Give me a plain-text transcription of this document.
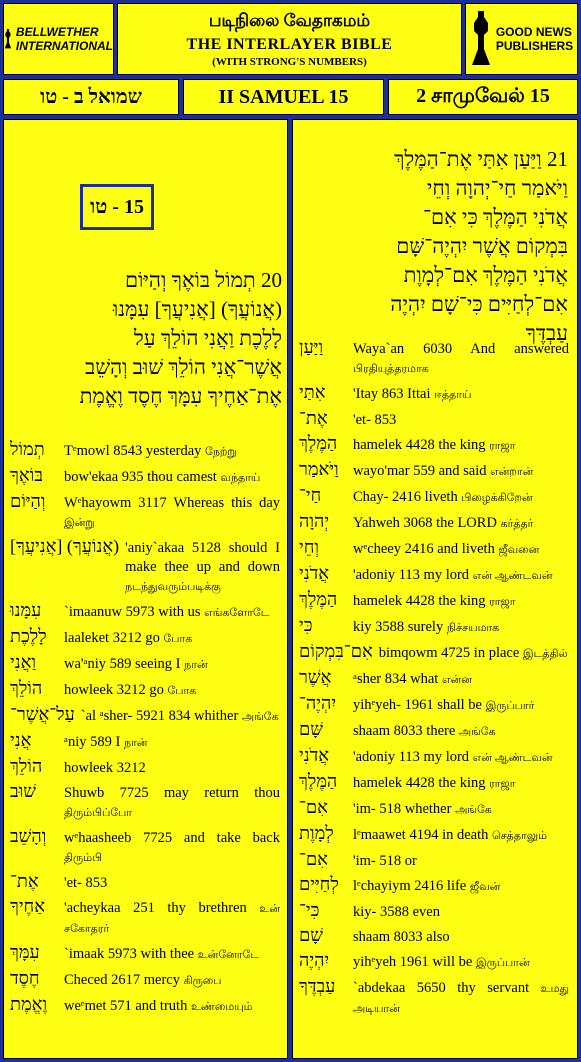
BELLWETHER
INTERNATIONAL
படிநிலை வேதாகமம்
THE INTERLAYER BIBLE
(WITH STRONG'S NUMBERS)
GOOD NEWS
PUBLISHERS
שמואל ב - טו	II SAMUEL 15	2 சாமுவேல் 15
15 - טו
20 תְמוֹל בּוֹאֶךָ וְהַיּוֹם
(אֲנוֹעֲךָ) [אֲנִיעֲךָ] עִמָּנוּ
לָלֶכֶת וַאֲנִי הוֹלֵךְ עַל
אֲשֶׁר־אֲנִי הוֹלֵךְ שׁוּב וְהָשֵׁב
אֶת־אַחֶיךָ עִמָּךְ חֶסֶד וֶאֱמֶת
תְמוֹל	Tᵉmowl 8543 yesterday நேற்று
בּוֹאֶךָ	bow'ekaa 935 thou camest வந்தாய்
וְהַיּוֹם	Wᵉhayowm 3117 Whereas this day இன்று
(אֲנוֹעֲךָ) [אֲנִיעֲךָ] 'aniy`akaa 5128 should I make thee up and down நடந்துவரும்படிக்கு
עִמָּנוּ	`imaanuw 5973 with us எங்களோடே
לָלֶכֶת	laaleket 3212 go போக
וַאֲנִי	wa'ᵃniy 589 seeing I நான்
הוֹלֵךְ	howleek 3212 go போக
עַל־אֲשֶׁר־ `al ᵃsher- 5921 834 whither அங்கே
אֲנִי	ᵃniy 589 I நான்
הוֹלֵךְ	howleek 3212
שׁוּב	Shuwb 7725 may return thou திரும்பிப்போ
וְהָשֵׁב	wᵉhaasheeb 7725 and take back திரும்பி
אֶת־	'et- 853
אַחֶיךָ	'acheykaa 251 thy brethren உன் சகோதரர்
עִמָּךְ	`imaak 5973 with thee உன்னோடே
חֶסֶד	Checed 2617 mercy கிருபை
וֶאֱמֶת	weᵉmet 571 and truth உண்மையும்
21 וַיַּעַן אִתַּי אֶת־הַמֶּלֶךְ
וַיֹּאמַר חַי־יְהוָה וְחֵי
אֲדֹנִי הַמֶּלֶךְ כִּי אִם־
בִּמְקוֹם אֲשֶׁר יִהְיֶה־שָּׁם
אֲדֹנִי הַמֶּלֶךְ אִם־לְמָוֶת
אִם־לְחַיִּים כִּי־שָׁם יִהְיֶה
עַבְדֶּךָ
וַיַּעַן	Waya`an 6030 And answered பிரதியுத்தரமாக
אִתַּי	'Itay 863 Ittai ஈத்தாய்
אֶת־	'et- 853
הַמֶּלֶךְ	hamelek 4428 the king ராஜா
וַיֹּאמַר wayo'mar 559 and said என்றான்
חַי־	Chay- 2416 liveth பிழைக்கிறேன்
יְהוָה	Yahweh 3068 the LORD கர்த்தர்
וְחֵי	wᵉcheey 2416 and liveth ஜீவனை
אֲדֹנִי	'adoniy 113 my lord என் ஆண்டவன்
הַמֶּלֶךְ	hamelek 4428 the king ராஜா
כִּי	kiy 3588 surely நிச்சயமாக
אִם־בִּמְקוֹם bimqowm 4725 in place இடத்தில்
אֲשֶׁר	ᵃsher 834 what என்ன
יִהְיֶה־	yihᵉyeh- 1961 shall be இருப்பார்
שָּׁם	shaam 8033 there அங்கே
אֲדֹנִי	'adoniy 113 my lord என் ஆண்டவன்
הַמֶּלֶךְ	hamelek 4428 the king ராஜா
אִם־	'im- 518 whether அங்கே
לְמָוֶת	lᵉmaawet 4194 in death செத்தாலும்
אִם־	'im- 518 or
לְחַיִּים lᵉchayiym 2416 life ஜீவன்
כִּי־	kiy- 3588 even
שָׁם	shaam 8033 also
יִהְיֶה	yihᵉyeh 1961 will be இருப்பான்
עַבְדֶּךָ	`abdekaa 5650 thy servant உமது அடியான்
